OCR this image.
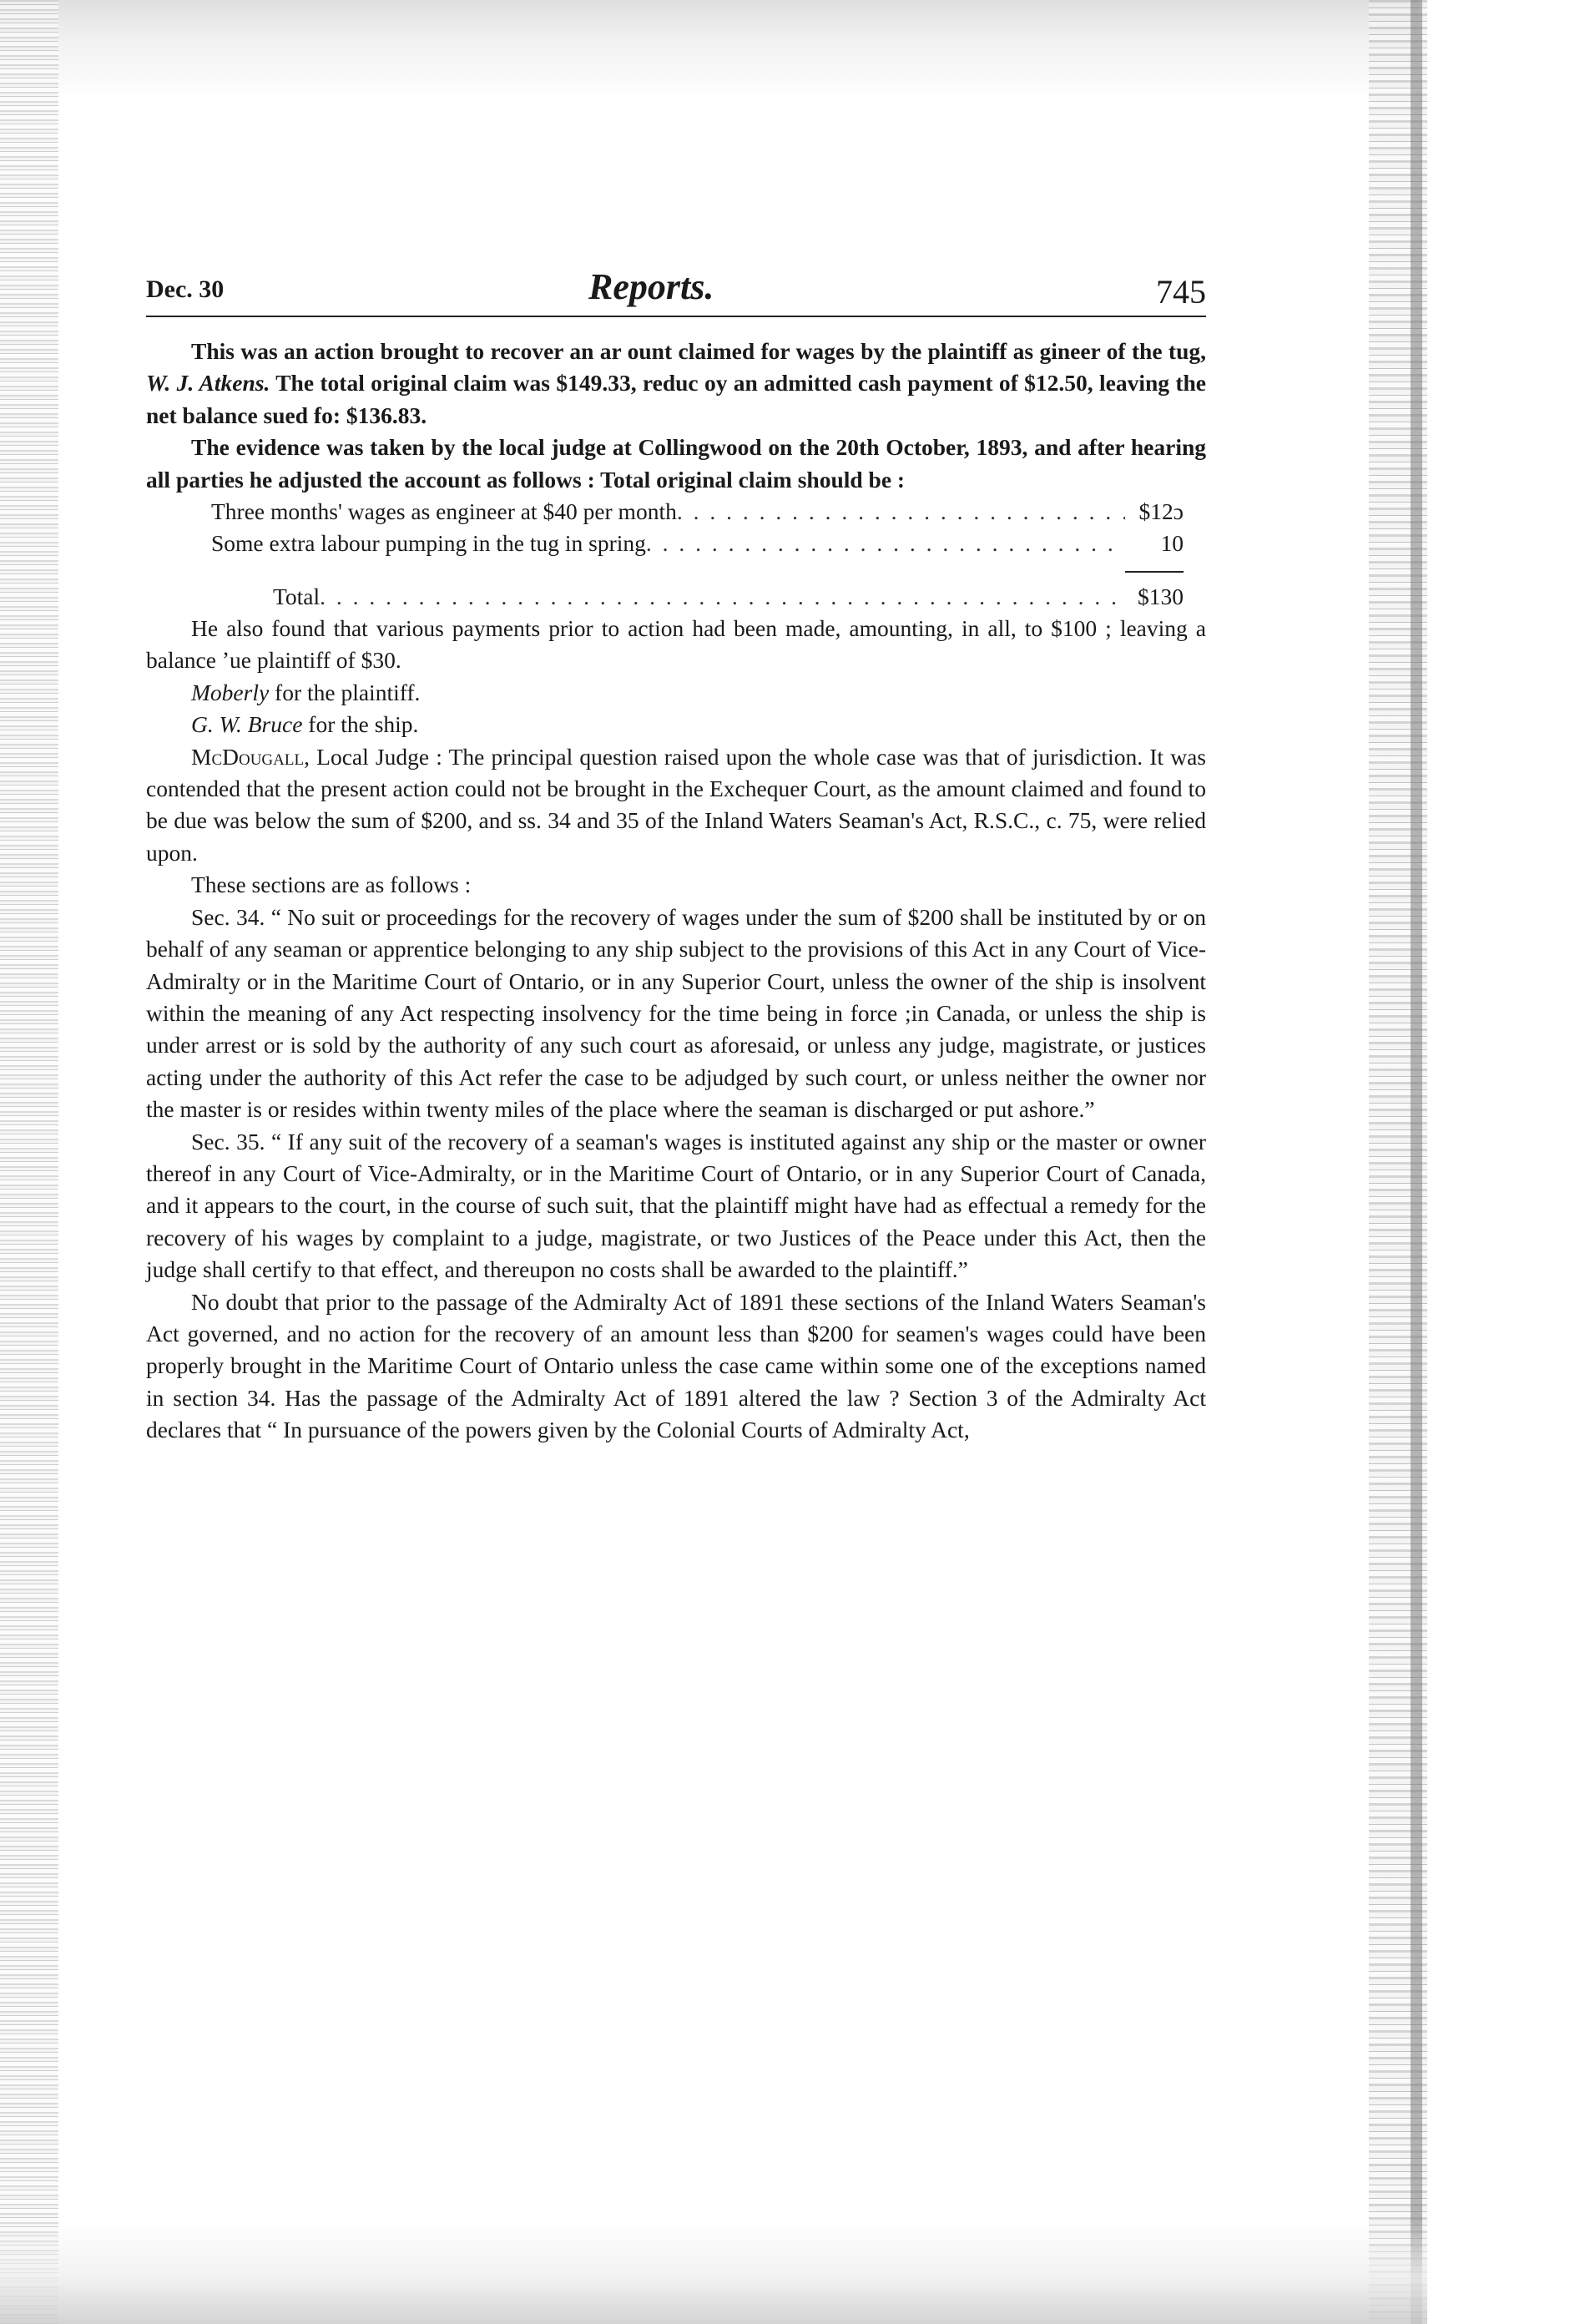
Dec. 30	Reports.	745

This was an action brought to recover an ar ount claimed for wages by the plaintiff as gineer of the tug, W. J. Atkens. The total original claim was $149.33, reduc oy an admitted cash payment of $12.50, leaving the net balance sued fo: $136.83.

The evidence was taken by the local judge at Collingwood on the 20th October, 1893, and after hearing all parties he adjusted the account as follows : Total original claim should be :

Three months' wages as engineer at $40 per month . . .	$12ɔ
Some extra labour pumping in the tug in spring . . .	10
Total . . .	$130

He also found that various payments prior to action had been made, amounting, in all, to $100 ; leaving a balance ʼue plaintiff of $30.

Moberly for the plaintiff.

G. W. Bruce for the ship.

McDougall, Local Judge : The principal question raised upon the whole case was that of jurisdiction. It was contended that the present action could not be brought in the Exchequer Court, as the amount claimed and found to be due was below the sum of $200, and ss. 34 and 35 of the Inland Waters Seaman's Act, R.S.C., c. 75, were relied upon.

These sections are as follows :

Sec. 34. “ No suit or proceedings for the recovery of wages under the sum of $200 shall be instituted by or on behalf of any seaman or apprentice belonging to any ship subject to the provisions of this Act in any Court of Vice-Admiralty or in the Maritime Court of Ontario, or in any Superior Court, unless the owner of the ship is insolvent within the meaning of any Act respecting insolvency for the time being in force ;in Canada, or unless the ship is under arrest or is sold by the authority of any such court as aforesaid, or unless any judge, magistrate, or justices acting under the authority of this Act refer the case to be adjudged by such court, or unless neither the owner nor the master is or resides within twenty miles of the place where the seaman is discharged or put ashore.”

Sec. 35. “ If any suit of the recovery of a seaman's wages is instituted against any ship or the master or owner thereof in any Court of Vice-Admiralty, or in the Maritime Court of Ontario, or in any Superior Court of Canada, and it appears to the court, in the course of such suit, that the plaintiff might have had as effectual a remedy for the recovery of his wages by complaint to a judge, magistrate, or two Justices of the Peace under this Act, then the judge shall certify to that effect, and thereupon no costs shall be awarded to the plaintiff.”

No doubt that prior to the passage of the Admiralty Act of 1891 these sections of the Inland Waters Seaman's Act governed, and no action for the recovery of an amount less than $200 for seamen's wages could have been properly brought in the Maritime Court of Ontario unless the case came within some one of the exceptions named in section 34. Has the passage of the Admiralty Act of 1891 altered the law ? Section 3 of the Admiralty Act declares that “ In pursuance of the powers given by the Colonial Courts of Admiralty Act,
